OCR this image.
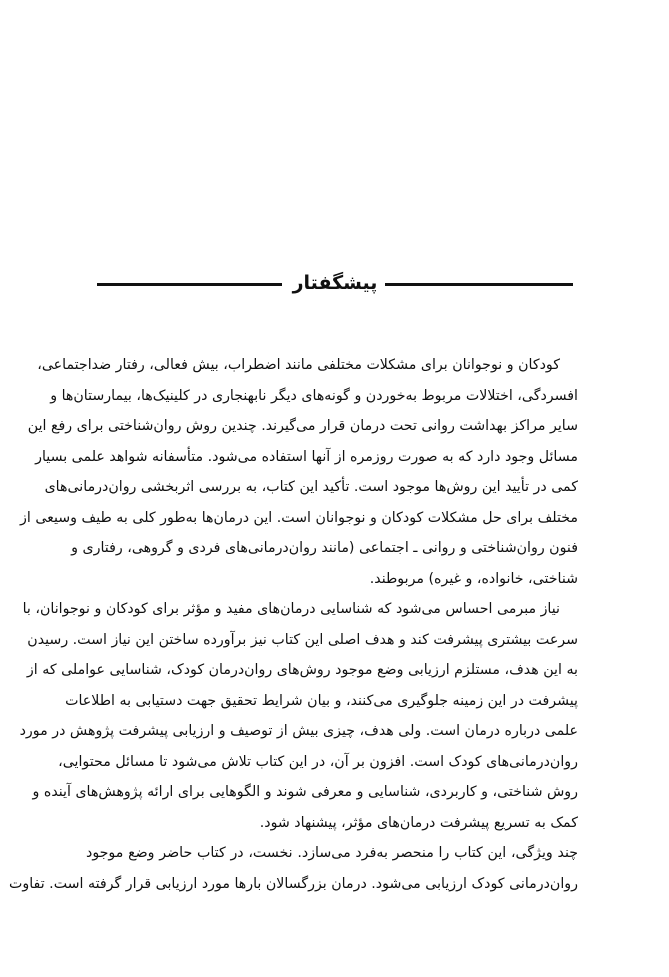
پیشگفتار
کودکان و نوجوانان برای مشکلات مختلفی مانند اضطراب، بیش فعالی، رفتار ضداجتماعی،
افسردگی، اختلالات مربوط به‌خوردن و گونه‌های دیگر نابهنجاری در کلینیک‌ها، بیمارستان‌ها و
سایر مراکز بهداشت روانی تحت درمان قرار می‌گیرند. چندین روش روان‌شناختی برای رفع این
مسائل وجود دارد که به صورت روزمره از آنها استفاده می‌شود. متأسفانه شواهد علمی بسیار
کمی در تأیید این روش‌ها موجود است. تأکید این کتاب، به بررسی اثربخشی روان‌درمانی‌های
مختلف برای حل مشکلات کودکان و نوجوانان است. این درمان‌ها به‌طور کلی به طیف وسیعی از
فنون روان‌شناختی و روانی ـ اجتماعی (مانند روان‌درمانی‌های فردی و گروهی، رفتاری و
شناختی، خانواده، و غیره) مربوطند.
نیاز مبرمی احساس می‌شود که شناسایی درمان‌های مفید و مؤثر برای کودکان و نوجوانان، با
سرعت بیشتری پیشرفت کند و هدف اصلی این کتاب نیز برآورده ساختن این نیاز است. رسیدن
به این هدف، مستلزم ارزیابی وضع موجود روش‌های روان‌درمان کودک، شناسایی عواملی که از
پیشرفت در این زمینه جلوگیری می‌کنند، و بیان شرایط تحقیق جهت دستیابی به اطلاعات
علمی درباره درمان است. ولی هدف، چیزی بیش از توصیف و ارزیابی پیشرفت پژوهش در مورد
روان‌درمانی‌های کودک است. افزون بر آن، در این کتاب تلاش می‌شود تا مسائل محتوایی،
روش شناختی، و کاربردی، شناسایی و معرفی شوند و الگوهایی برای ارائه پژوهش‌های آینده و
کمک به تسریع پیشرفت درمان‌های مؤثر، پیشنهاد شود.
چند ویژگی، این کتاب را منحصر به‌فرد می‌سازد. نخست، در کتاب حاضر وضع موجود
روان‌درمانی کودک ارزیابی می‌شود. درمان بزرگسالان بارها مورد ارزیابی قرار گرفته است. تفاوت
